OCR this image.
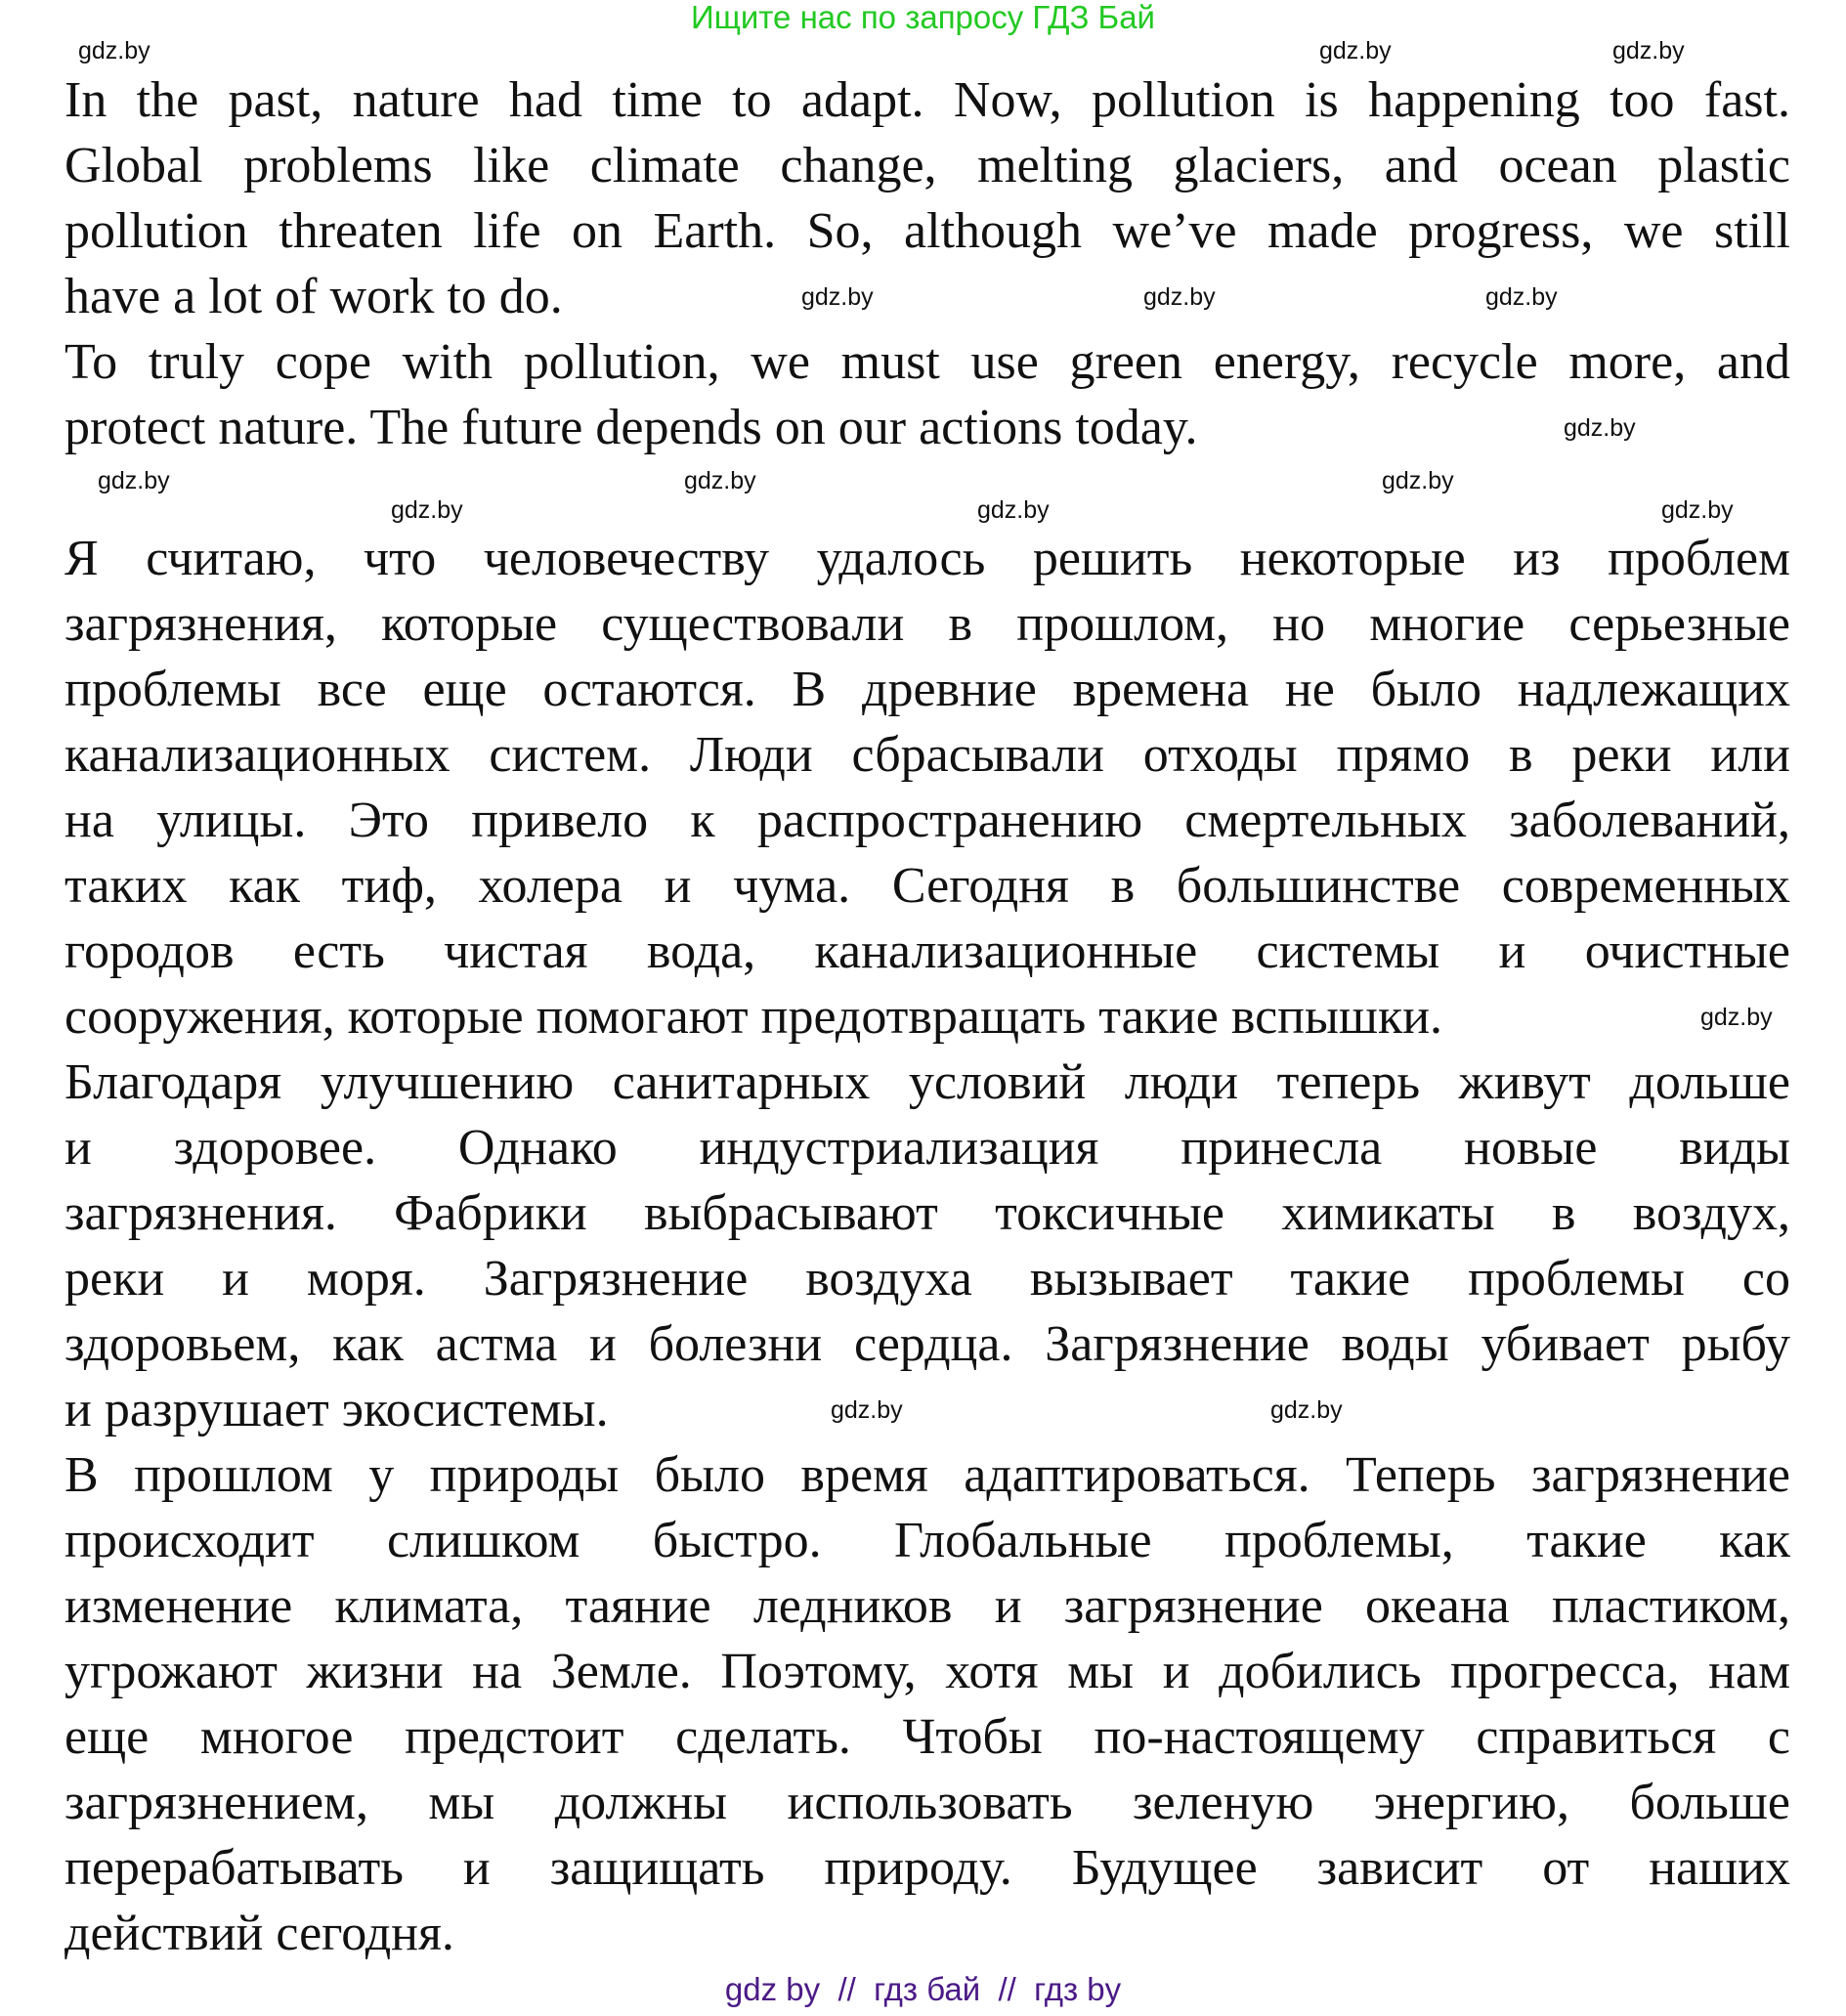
Ищите нас по запросу ГДЗ Бай
In the past, nature had time to adapt. Now, pollution is happening too fast.
Global problems like climate change, melting glaciers, and ocean plastic
pollution threaten life on Earth. So, although we’ve made progress, we still
have a lot of work to do.
To truly cope with pollution, we must use green energy, recycle more, and
protect nature. The future depends on our actions today.
Я считаю, что человечеству удалось решить некоторые из проблем
загрязнения, которые существовали в прошлом, но многие серьезные
проблемы все еще остаются. В древние времена не было надлежащих
канализационных систем. Люди сбрасывали отходы прямо в реки или
на улицы. Это привело к распространению смертельных заболеваний,
таких как тиф, холера и чума. Сегодня в большинстве современных
городов есть чистая вода, канализационные системы и очистные
сооружения, которые помогают предотвращать такие вспышки.
Благодаря улучшению санитарных условий люди теперь живут дольше
и здоровее. Однако индустриализация принесла новые виды
загрязнения. Фабрики выбрасывают токсичные химикаты в воздух,
реки и моря. Загрязнение воздуха вызывает такие проблемы со
здоровьем, как астма и болезни сердца. Загрязнение воды убивает рыбу
и разрушает экосистемы.
В прошлом у природы было время адаптироваться. Теперь загрязнение
происходит слишком быстро. Глобальные проблемы, такие как
изменение климата, таяние ледников и загрязнение океана пластиком,
угрожают жизни на Земле. Поэтому, хотя мы и добились прогресса, нам
еще многое предстоит сделать. Чтобы по-настоящему справиться с
загрязнением, мы должны использовать зеленую энергию, больше
перерабатывать и защищать природу. Будущее зависит от наших
действий сегодня.
gdz.by	gdz.by	gdz.by
gdz.by	gdz.by	gdz.by
gdz.by
gdz.by	gdz.by	gdz.by
gdz.by	gdz.by	gdz.by
gdz.by
gdz.by	gdz.by
gdz by  //  гдз бай  //  гдз by
